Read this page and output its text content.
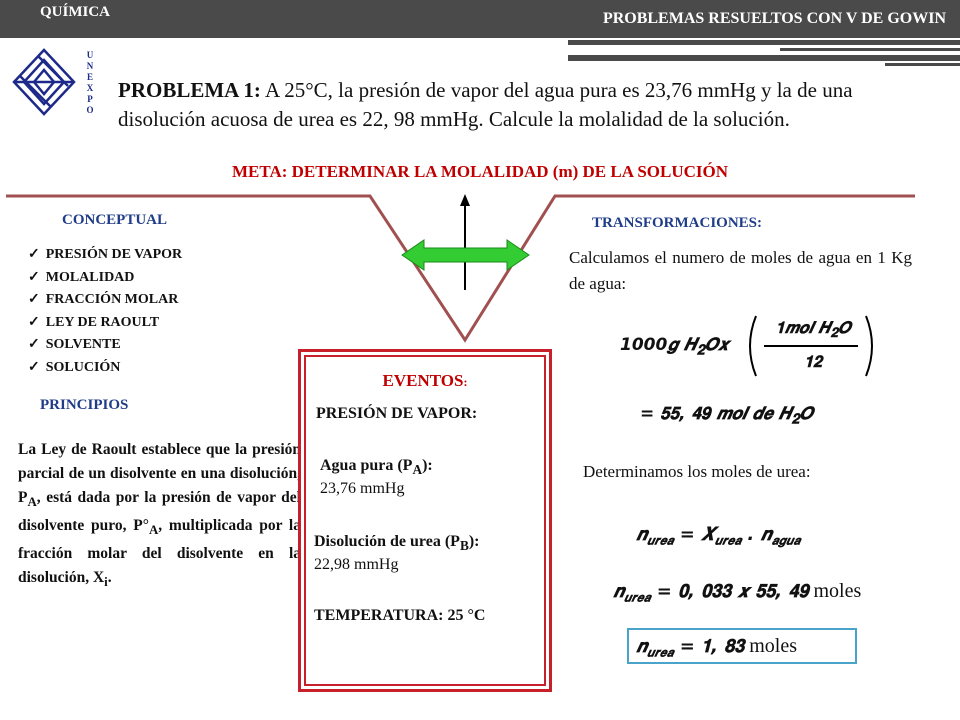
QUÍMICA	PROBLEMAS RESUELTOS CON V DE GOWIN
U
N
E
X
P
O
PROBLEMA 1: A 25°C, la presión de vapor del agua pura es 23,76 mmHg y la de una disolución acuosa de urea es 22, 98 mmHg. Calcule la molalidad de la solución.
META: DETERMINAR LA MOLALIDAD (m) DE LA SOLUCIÓN
CONCEPTUAL
✓ PRESIÓN DE VAPOR
✓ MOLALIDAD
✓ FRACCIÓN MOLAR
✓ LEY DE RAOULT
✓ SOLVENTE
✓ SOLUCIÓN
PRINCIPIOS
La Ley de Raoult establece que la presión parcial de un disolvente en una disolución, $P_A$, está dada por la presión de vapor del disolvente puro, $P^\circ_A$, multiplicada por la fracción molar del disolvente en la disolución, $X_i$.
EVENTOS:
PRESIÓN DE VAPOR:
Agua pura $(P_A)$:
23,76 mmHg
Disolución de urea $(P_B)$:
22,98 mmHg
TEMPERATURA: 25 °C
TRANSFORMACIONES:
Calculamos el numero de moles de agua en 1 Kg de agua:
1000𝒈 𝑯$_𝟐$𝑶𝒙
𝟏𝒎𝒐𝒍 𝑯$_𝟐$𝑶
𝟏𝟐
= 𝟓𝟓, 𝟒𝟗 𝒎𝒐𝒍 𝒅𝒆 𝑯$_𝟐$𝑶
Determinamos los moles de urea:
𝒏$_{𝒖𝒓𝒆𝒂}$ = 𝑿$_{𝒖𝒓𝒆𝒂}$ . 𝒏$_{𝒂𝒈𝒖𝒂}$
𝒏$_{𝒖𝒓𝒆𝒂}$ = 𝟎, 𝟎𝟑𝟑 𝒙 𝟓𝟓, 𝟒𝟗 moles
𝒏$_{𝒖𝒓𝒆𝒂}$ = 𝟏, 𝟖𝟑 moles
